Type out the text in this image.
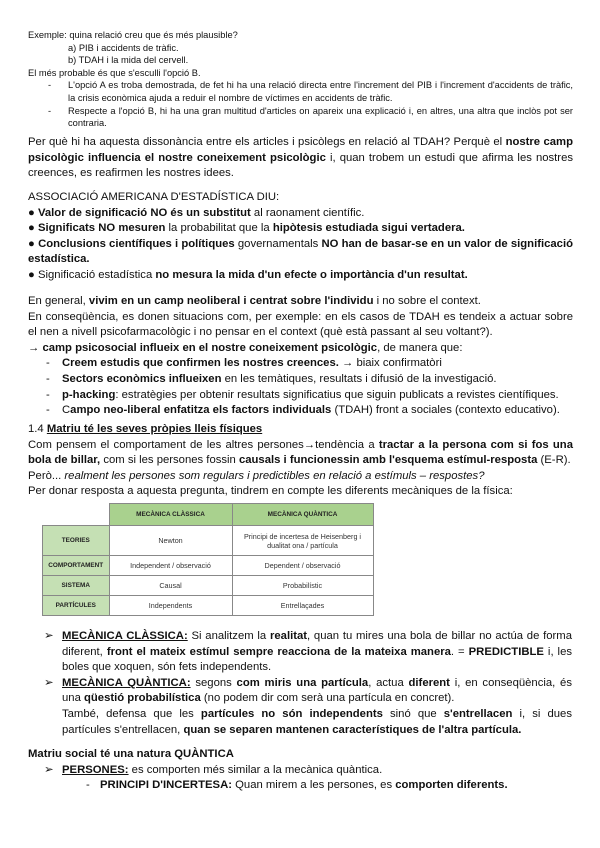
Exemple: quina relació creu que és més plausible?
a) PIB i accidents de tràfic.
b) TDAH i la mida del cervell.
El més probable és que s'esculli l'opció B.
- L'opció A es troba demostrada, de fet hi ha una relació directa entre l'increment del PIB i l'increment d'accidents de tràfic, la crisis econòmica ajuda a reduir el nombre de víctimes en accidents de tràfic.
- Respecte a l'opció B, hi ha una gran multitud d'articles on apareix una explicació i, en altres, una altra que inclòs pot ser contraria.
Per què hi ha aquesta dissonància entre els articles i psicòlegs en relació al TDAH? Perquè el nostre camp psicològic influencia el nostre coneixement psicològic i, quan trobem un estudi que afirma les nostres creences, es reafirmen les nostres idees.
ASSOCIACIÓ AMERICANA D'ESTADÍSTICA DIU:
● Valor de significació NO és un substitut al raonament científic.
● Significats NO mesuren la probabilitat que la hipòtesis estudiada sigui vertadera.
● Conclusions científiques i polítiques governamentals NO han de basar-se en un valor de significació estadística.
● Significació estadística no mesura la mida d'un efecte o importància d'un resultat.
En general, vivim en un camp neoliberal i centrat sobre l'individu i no sobre el context.
En conseqüència, es donen situacions com, per exemple: en els casos de TDAH es tendeix a actuar sobre el nen a nivell psicofarmacològic i no pensar en el context (què està passant al seu voltant?).
→ camp psicosocial influeix en el nostre coneixement psicològic, de manera que:
- Creem estudis que confirmen les nostres creences. → biaix confirmatòri
- Sectors econòmics influeixen en les temàtiques, resultats i difusió de la investigació.
- p-hacking: estratègies per obtenir resultats significatius que siguin publicats a revistes científiques.
- Campo neo-liberal enfatitza els factors individuals (TDAH) front a sociales (contexto educativo).
1.4 Matriu té les seves pròpies lleis físiques
Com pensem el comportament de les altres persones→tendència a tractar a la persona com si fos una bola de billar, com si les persones fossin causals i funcionessin amb l'esquema estímul-resposta (E-R).
Però... realment les persones som regulars i predictibles en relació a estímuls – respostes?
Per donar resposta a aquesta pregunta, tindrem en compte les diferents mecàniques de la física:
	MECÀNICA CLÀSSICA	MECÀNICA QUÀNTICA
TEORIES	Newton	Principi de incertesa de Heisenberg i dualitat ona / partícula
COMPORTAMENT	Independent / observació	Dependent / observació
SISTEMA	Causal	Probabilístic
PARTÍCULES	Independents	Entrellaçades
➢ MECÀNICA CLÀSSICA: Si analitzem la realitat, quan tu mires una bola de billar no actúa de forma diferent, front el mateix estímul sempre reacciona de la mateixa manera. = PREDICTIBLE i, les boles que xoquen, són fets independents.
➢ MECÀNICA QUÀNTICA: segons com miris una partícula, actua diferent i, en conseqüència, és una qüestió probabilística (no podem dir com serà una partícula en concret).
També, defensa que les partícules no són independents sinó que s'entrellacen i, si dues partícules s'entrellacen, quan se separen mantenen característiques de l'altra partícula.
Matriu social té una natura QUÀNTICA
➢ PERSONES: es comporten més similar a la mecànica quàntica.
- PRINCIPI D'INCERTESA: Quan mirem a les persones, es comporten diferents.
